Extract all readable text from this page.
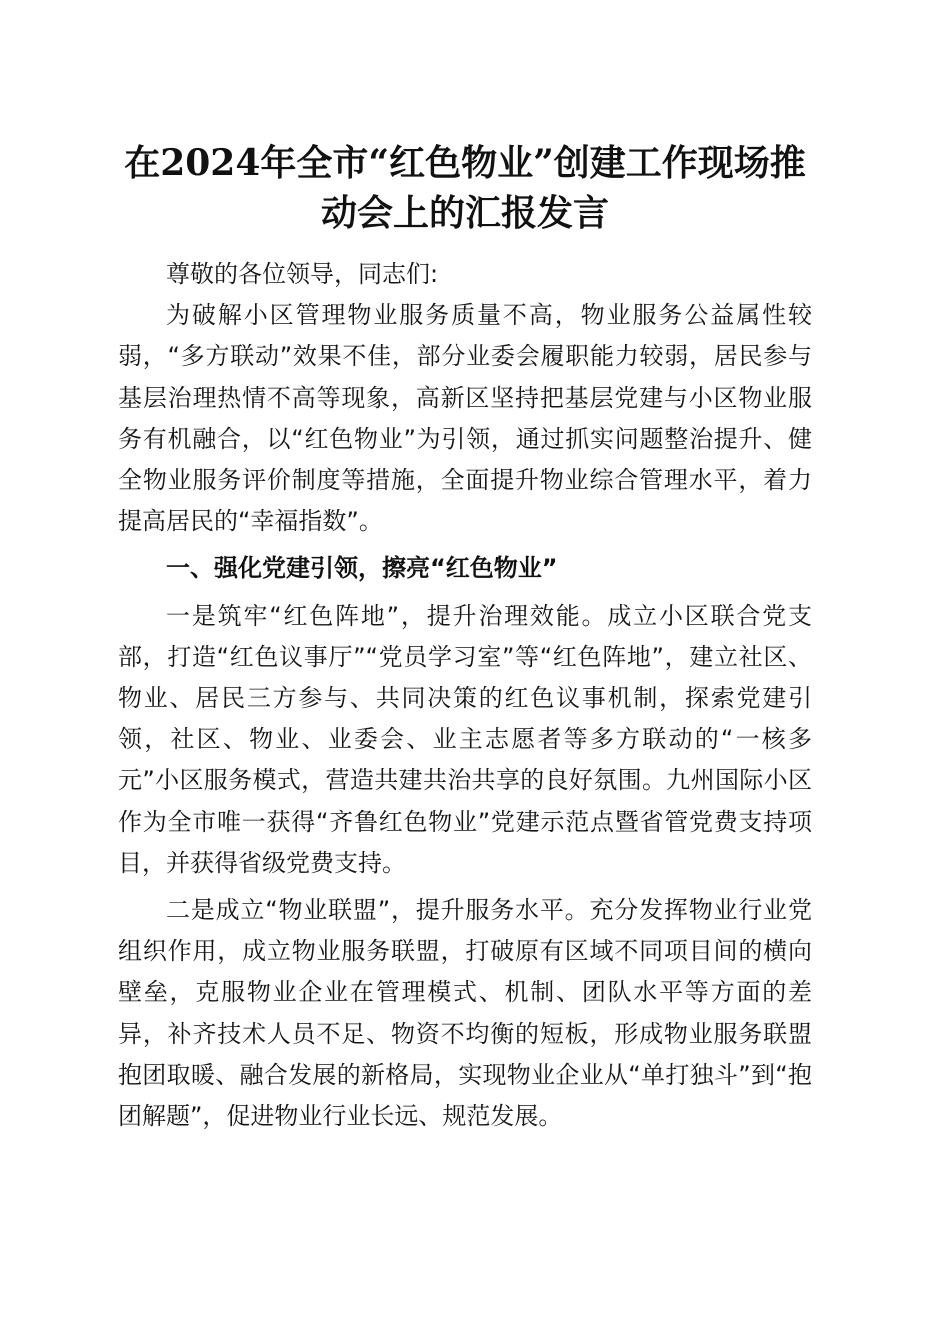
在2024年全市“红色物业”创建工作现场推
动会上的汇报发言

尊敬的各位领导，同志们:

为破解小区管理物业服务质量不高，物业服务公益属性较弱，“多方联动”效果不佳，部分业委会履职能力较弱，居民参与基层治理热情不高等现象，高新区坚持把基层党建与小区物业服务有机融合，以“红色物业”为引领，通过抓实问题整治提升、健全物业服务评价制度等措施，全面提升物业综合管理水平，着力提高居民的“幸福指数”。

一、强化党建引领，擦亮“红色物业”

一是筑牢“红色阵地”，提升治理效能。成立小区联合党支部，打造“红色议事厅”“党员学习室”等“红色阵地”，建立社区、物业、居民三方参与、共同决策的红色议事机制，探索党建引领，社区、物业、业委会、业主志愿者等多方联动的“一核多元”小区服务模式，营造共建共治共享的良好氛围。九州国际小区作为全市唯一获得“齐鲁红色物业”党建示范点暨省管党费支持项目，并获得省级党费支持。

二是成立“物业联盟”，提升服务水平。充分发挥物业行业党组织作用，成立物业服务联盟，打破原有区域不同项目间的横向壁垒，克服物业企业在管理模式、机制、团队水平等方面的差异，补齐技术人员不足、物资不均衡的短板，形成物业服务联盟抱团取暖、融合发展的新格局，实现物业企业从“单打独斗”到“抱团解题”，促进物业行业长远、规范发展。
